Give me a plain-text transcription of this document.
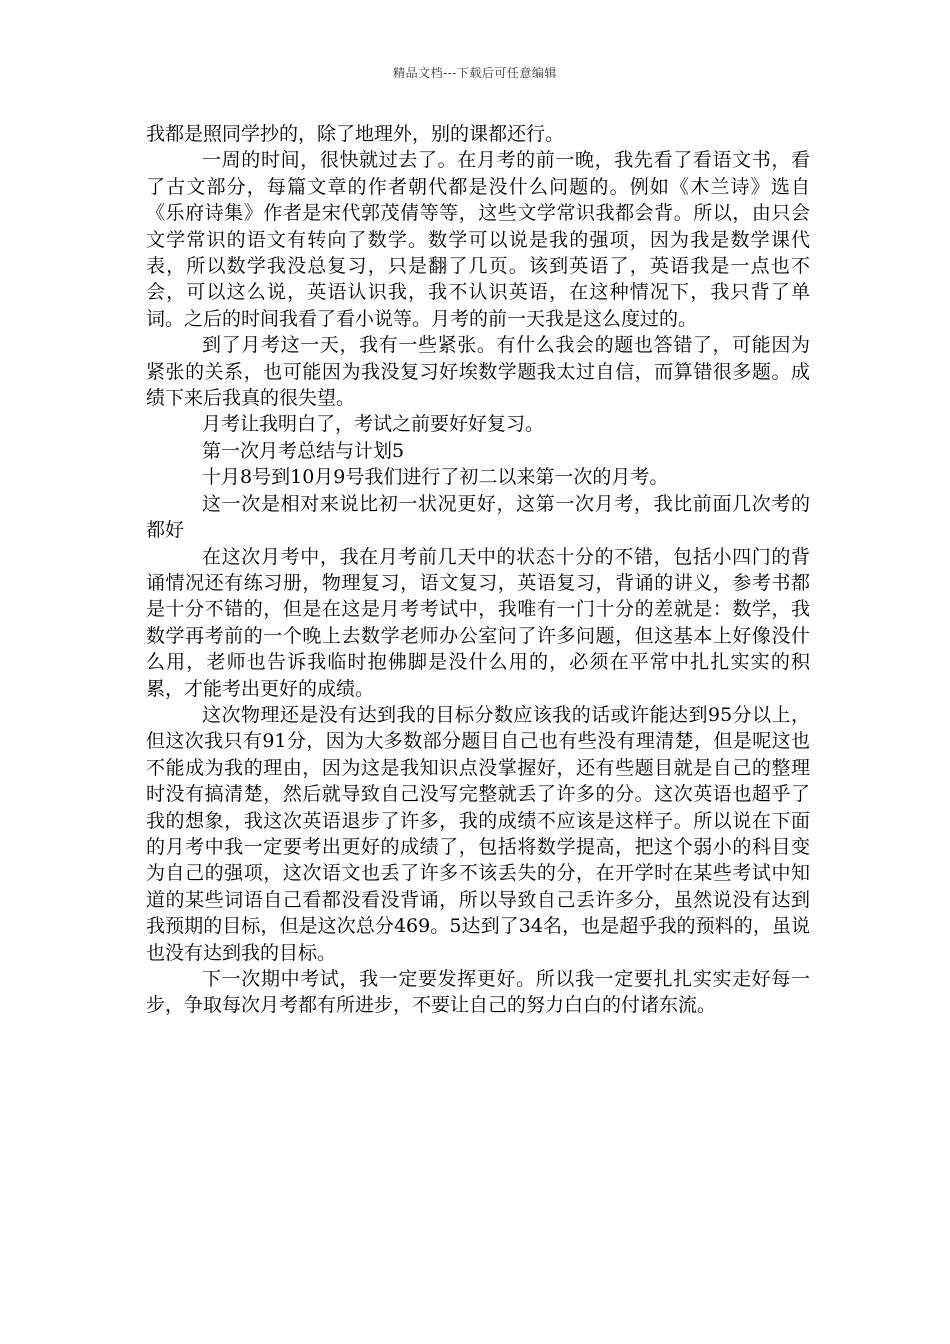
精品文档---下载后可任意编辑

我都是照同学抄的，除了地理外，别的课都还行。

一周的时间，很快就过去了。在月考的前一晚，我先看了看语文书，看了古文部分，每篇文章的作者朝代都是没什么问题的。例如《木兰诗》选自《乐府诗集》作者是宋代郭茂倩等等，这些文学常识我都会背。所以，由只会文学常识的语文有转向了数学。数学可以说是我的强项，因为我是数学课代表，所以数学我没总复习，只是翻了几页。该到英语了，英语我是一点也不会，可以这么说，英语认识我，我不认识英语，在这种情况下，我只背了单词。之后的时间我看了看小说等。月考的前一天我是这么度过的。

到了月考这一天，我有一些紧张。有什么我会的题也答错了，可能因为紧张的关系，也可能因为我没复习好埃数学题我太过自信，而算错很多题。成绩下来后我真的很失望。

月考让我明白了，考试之前要好好复习。

第一次月考总结与计划5

十月8号到10月9号我们进行了初二以来第一次的月考。

这一次是相对来说比初一状况更好，这第一次月考，我比前面几次考的都好

在这次月考中，我在月考前几天中的状态十分的不错，包括小四门的背诵情况还有练习册，物理复习，语文复习，英语复习，背诵的讲义，参考书都是十分不错的，但是在这是月考考试中，我唯有一门十分的差就是：数学，我数学再考前的一个晚上去数学老师办公室问了许多问题，但这基本上好像没什么用，老师也告诉我临时抱佛脚是没什么用的，必须在平常中扎扎实实的积累，才能考出更好的成绩。

这次物理还是没有达到我的目标分数应该我的话或许能达到95分以上，但这次我只有91分，因为大多数部分题目自己也有些没有理清楚，但是呢这也不能成为我的理由，因为这是我知识点没掌握好，还有些题目就是自己的整理时没有搞清楚，然后就导致自己没写完整就丢了许多的分。这次英语也超乎了我的想象，我这次英语退步了许多，我的成绩不应该是这样子。所以说在下面的月考中我一定要考出更好的成绩了，包括将数学提高，把这个弱小的科目变为自己的强项，这次语文也丢了许多不该丢失的分，在开学时在某些考试中知道的某些词语自己看都没看没背诵，所以导致自己丢许多分，虽然说没有达到我预期的目标，但是这次总分469。5达到了34名，也是超乎我的预料的，虽说也没有达到我的目标。

下一次期中考试，我一定要发挥更好。所以我一定要扎扎实实走好每一步，争取每次月考都有所进步，不要让自己的努力白白的付诸东流。
